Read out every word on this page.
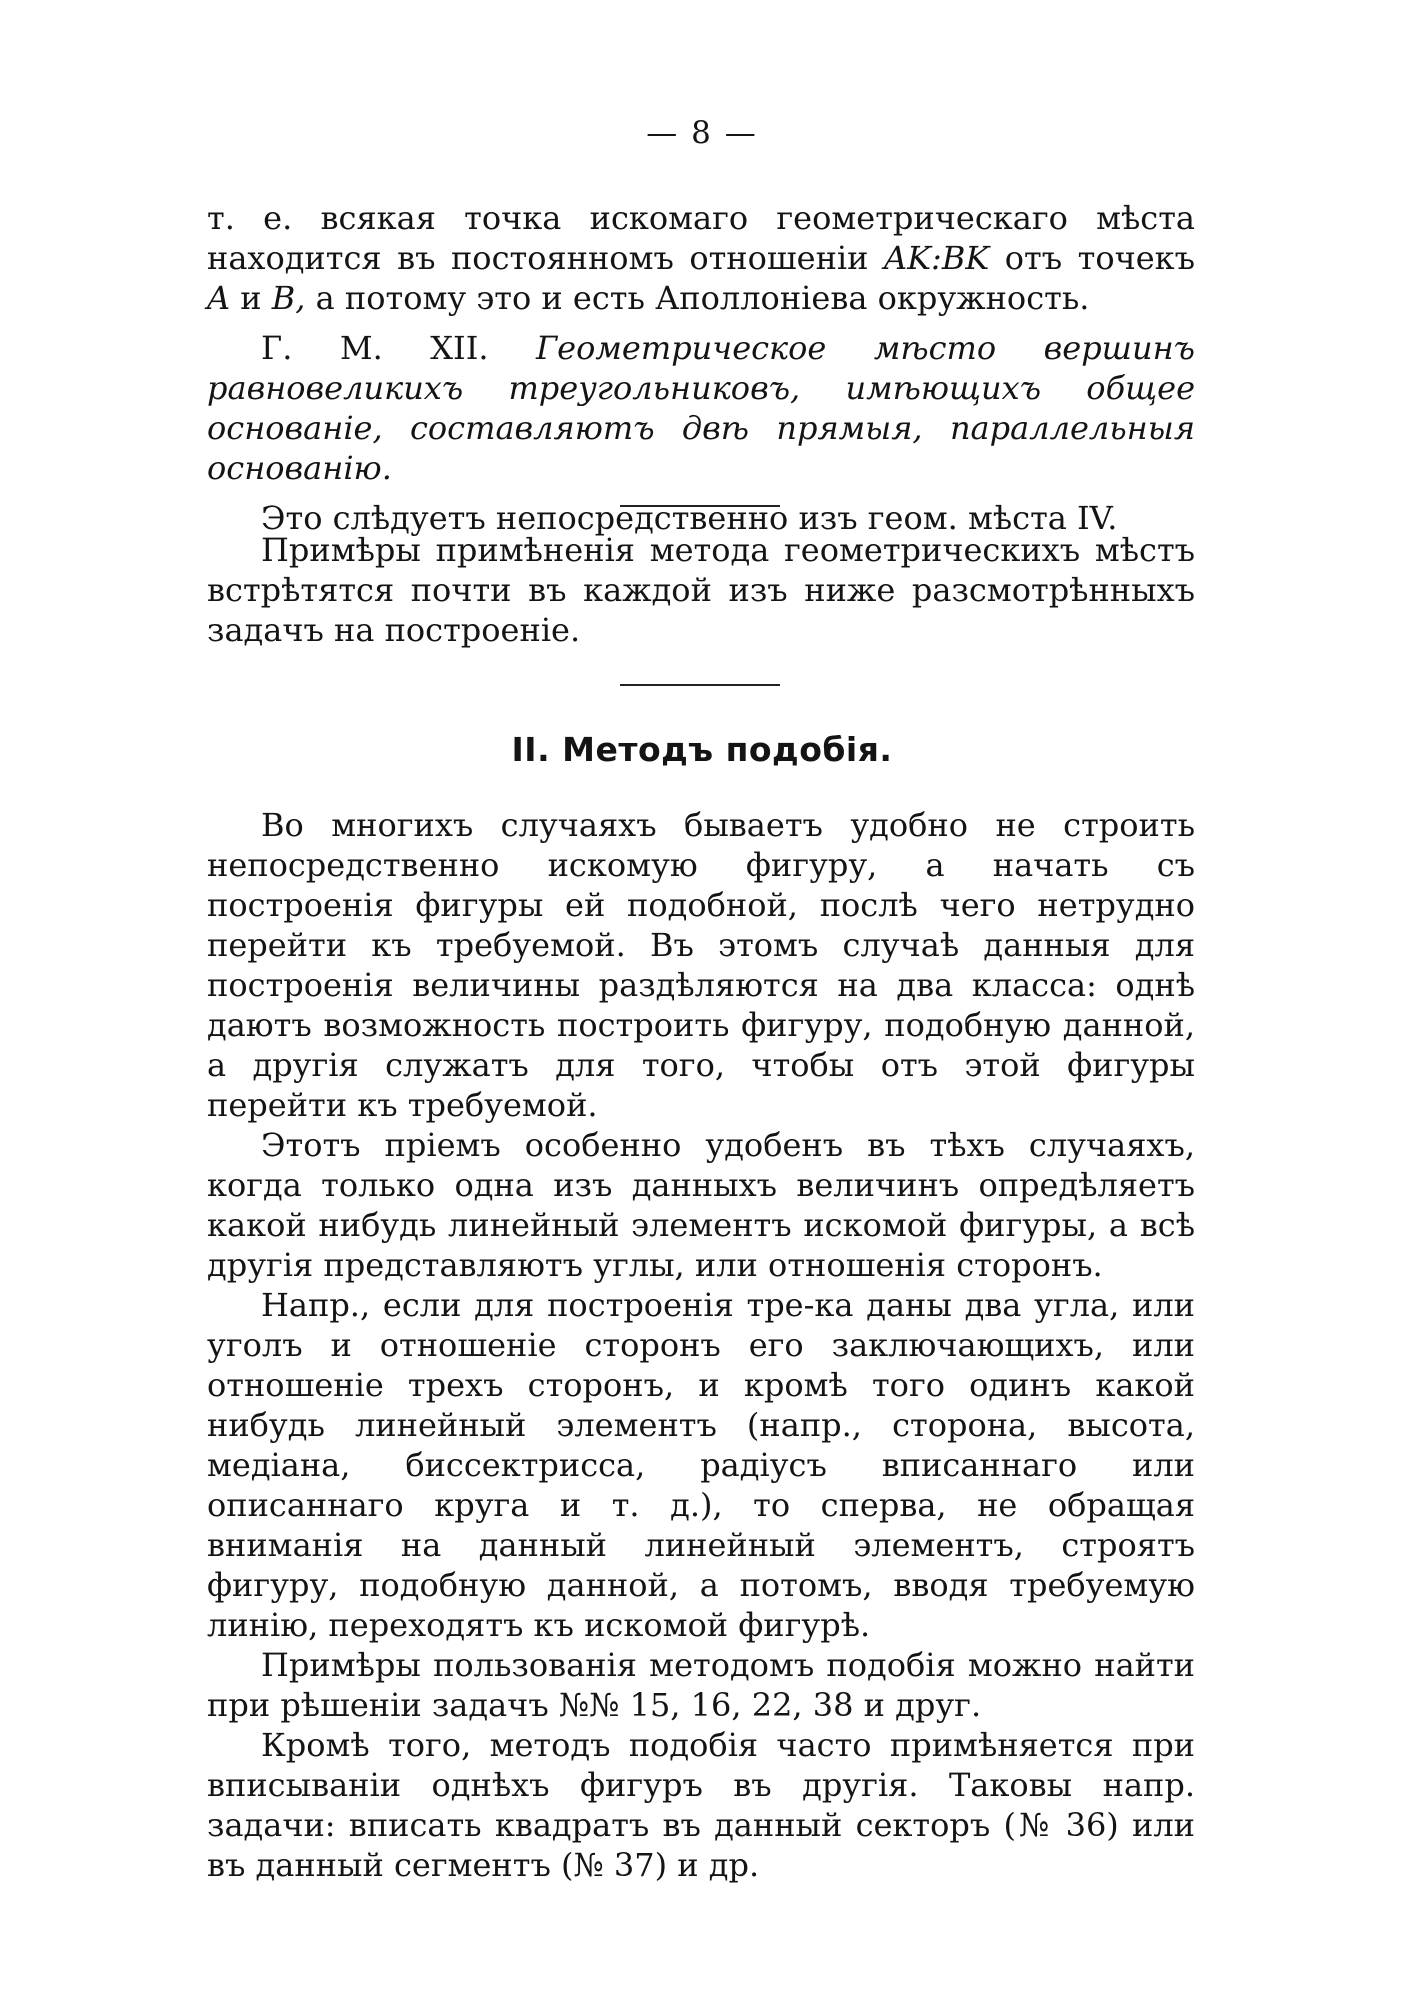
— 8 —

т. е. всякая точка искомаго геометрическаго мѣста находится въ постоянномъ отношеніи AK:BK отъ точекъ A и B, а потому это и есть Аполлоніева окружность.

Г. М. XII. Геометрическое мѣсто вершинъ равновеликихъ треугольниковъ, имѣющихъ общее основаніе, составляютъ двѣ прямыя, параллельныя основанію.

Это слѣдуетъ непосредственно изъ геом. мѣста IV.

Примѣры примѣненія метода геометрическихъ мѣстъ встрѣтятся почти въ каждой изъ ниже разсмотрѣнныхъ задачъ на построеніе.

II. Методъ подобія.

Во многихъ случаяхъ бываетъ удобно не строить непосредственно искомую фигуру, а начать съ построенія фигуры ей подобной, послѣ чего нетрудно перейти къ требуемой. Въ этомъ случаѣ данныя для построенія величины раздѣляются на два класса: однѣ даютъ возможность построить фигуру, подобную данной, а другія служатъ для того, чтобы отъ этой фигуры перейти къ требуемой.

Этотъ пріемъ особенно удобенъ въ тѣхъ случаяхъ, когда только одна изъ данныхъ величинъ опредѣляетъ какой нибудь линейный элементъ искомой фигуры, а всѣ другія представляютъ углы, или отношенія сторонъ.

Напр., если для построенія тре-ка даны два угла, или уголъ и отношеніе сторонъ его заключающихъ, или отношеніе трехъ сторонъ, и кромѣ того одинъ какой нибудь линейный элементъ (напр., сторона, высота, медіана, биссектрисса, радіусъ вписаннаго или описаннаго круга и т. д.), то сперва, не обращая вниманія на данный линейный элементъ, строятъ фигуру, подобную данной, а потомъ, вводя требуемую линію, переходятъ къ искомой фигурѣ.

Примѣры пользованія методомъ подобія можно найти при рѣшеніи задачъ №№ 15, 16, 22, 38 и друг.

Кромѣ того, методъ подобія часто примѣняется при вписываніи однѣхъ фигуръ въ другія. Таковы напр. задачи: вписать квадратъ въ данный секторъ (№ 36) или въ данный сегментъ (№ 37) и др.
